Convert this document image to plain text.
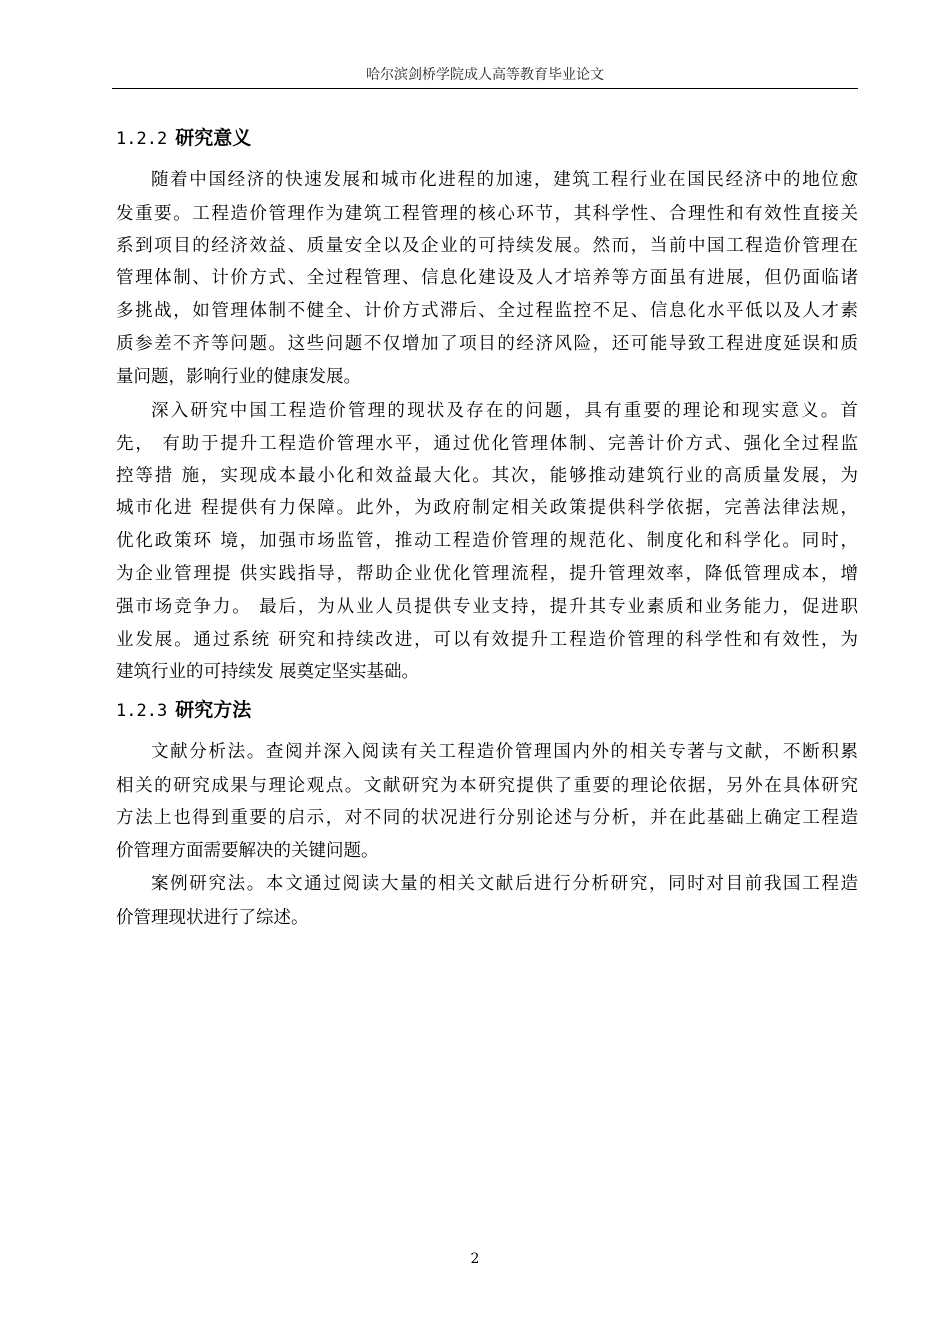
哈尔滨剑桥学院成人高等教育毕业论文
1.2.2 研究意义
随着中国经济的快速发展和城市化进程的加速，建筑工程行业在国民经济中的地位愈
发重要。工程造价管理作为建筑工程管理的核心环节，其科学性、合理性和有效性直接关
系到项目的经济效益、质量安全以及企业的可持续发展。然而，当前中国工程造价管理在
管理体制、计价方式、全过程管理、信息化建设及人才培养等方面虽有进展，但仍面临诸
多挑战，如管理体制不健全、计价方式滞后、全过程监控不足、信息化水平低以及人才素
质参差不齐等问题。这些问题不仅增加了项目的经济风险，还可能导致工程进度延误和质
量问题，影响行业的健康发展。
深入研究中国工程造价管理的现状及存在的问题，具有重要的理论和现实意义。首
先， 有助于提升工程造价管理水平，通过优化管理体制、完善计价方式、强化全过程监
控等措 施，实现成本最小化和效益最大化。其次，能够推动建筑行业的高质量发展，为
城市化进 程提供有力保障。此外，为政府制定相关政策提供科学依据，完善法律法规，
优化政策环 境，加强市场监管，推动工程造价管理的规范化、制度化和科学化。同时，
为企业管理提 供实践指导，帮助企业优化管理流程，提升管理效率，降低管理成本，增
强市场竞争力。 最后，为从业人员提供专业支持，提升其专业素质和业务能力，促进职
业发展。通过系统 研究和持续改进，可以有效提升工程造价管理的科学性和有效性，为
建筑行业的可持续发 展奠定坚实基础。
1.2.3 研究方法
文献分析法。查阅并深入阅读有关工程造价管理国内外的相关专著与文献，不断积累
相关的研究成果与理论观点。文献研究为本研究提供了重要的理论依据，另外在具体研究
方法上也得到重要的启示，对不同的状况进行分别论述与分析，并在此基础上确定工程造
价管理方面需要解决的关键问题。
案例研究法。本文通过阅读大量的相关文献后进行分析研究，同时对目前我国工程造
价管理现状进行了综述。
2
